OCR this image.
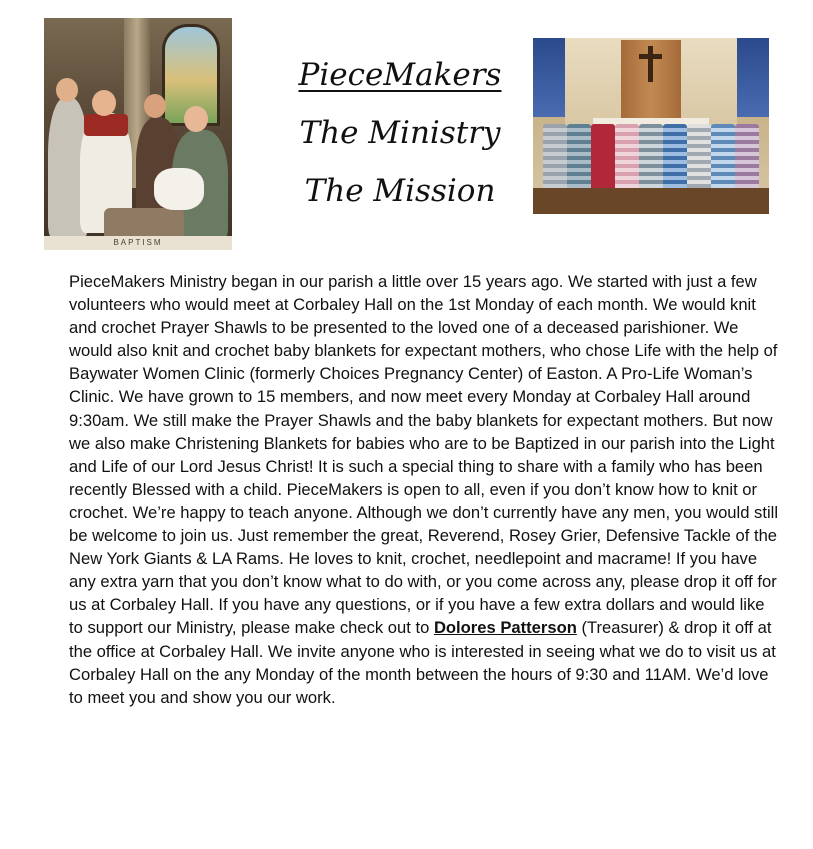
BAPTISM
PieceMakers
The Ministry
The Mission

PieceMakers Ministry began in our parish a little over 15 years ago. We started with just a few volunteers who would meet at Corbaley Hall on the 1st Monday of each month. We would knit and crochet Prayer Shawls to be presented to the loved one of a deceased parishioner. We would also knit and crochet baby blankets for expectant mothers, who chose Life with the help of Baywater Women Clinic (formerly Choices Pregnancy Center) of Easton. A Pro-Life Woman’s Clinic. We have grown to 15 members, and now meet every Monday at Corbaley Hall around 9:30am. We still make the Prayer Shawls and the baby blankets for expectant mothers. But now we also make Christening Blankets for babies who are to be Baptized in our parish into the Light and Life of our Lord Jesus Christ! It is such a special thing to share with a family who has been recently Blessed with a child. PieceMakers is open to all, even if you don’t know how to knit or crochet. We’re happy to teach anyone. Although we don’t currently have any men, you would still be welcome to join us. Just remember the great, Reverend, Rosey Grier, Defensive Tackle of the New York Giants & LA Rams. He loves to knit, crochet, needlepoint and macrame! If you have any extra yarn that you don’t know what to do with, or you come across any, please drop it off for us at Corbaley Hall. If you have any questions, or if you have a few extra dollars and would like to support our Ministry, please make check out to Dolores Patterson (Treasurer) & drop it off at the office at Corbaley Hall. We invite anyone who is interested in seeing what we do to visit us at Corbaley Hall on the any Monday of the month between the hours of 9:30 and 11AM. We’d love to meet you and show you our work.
